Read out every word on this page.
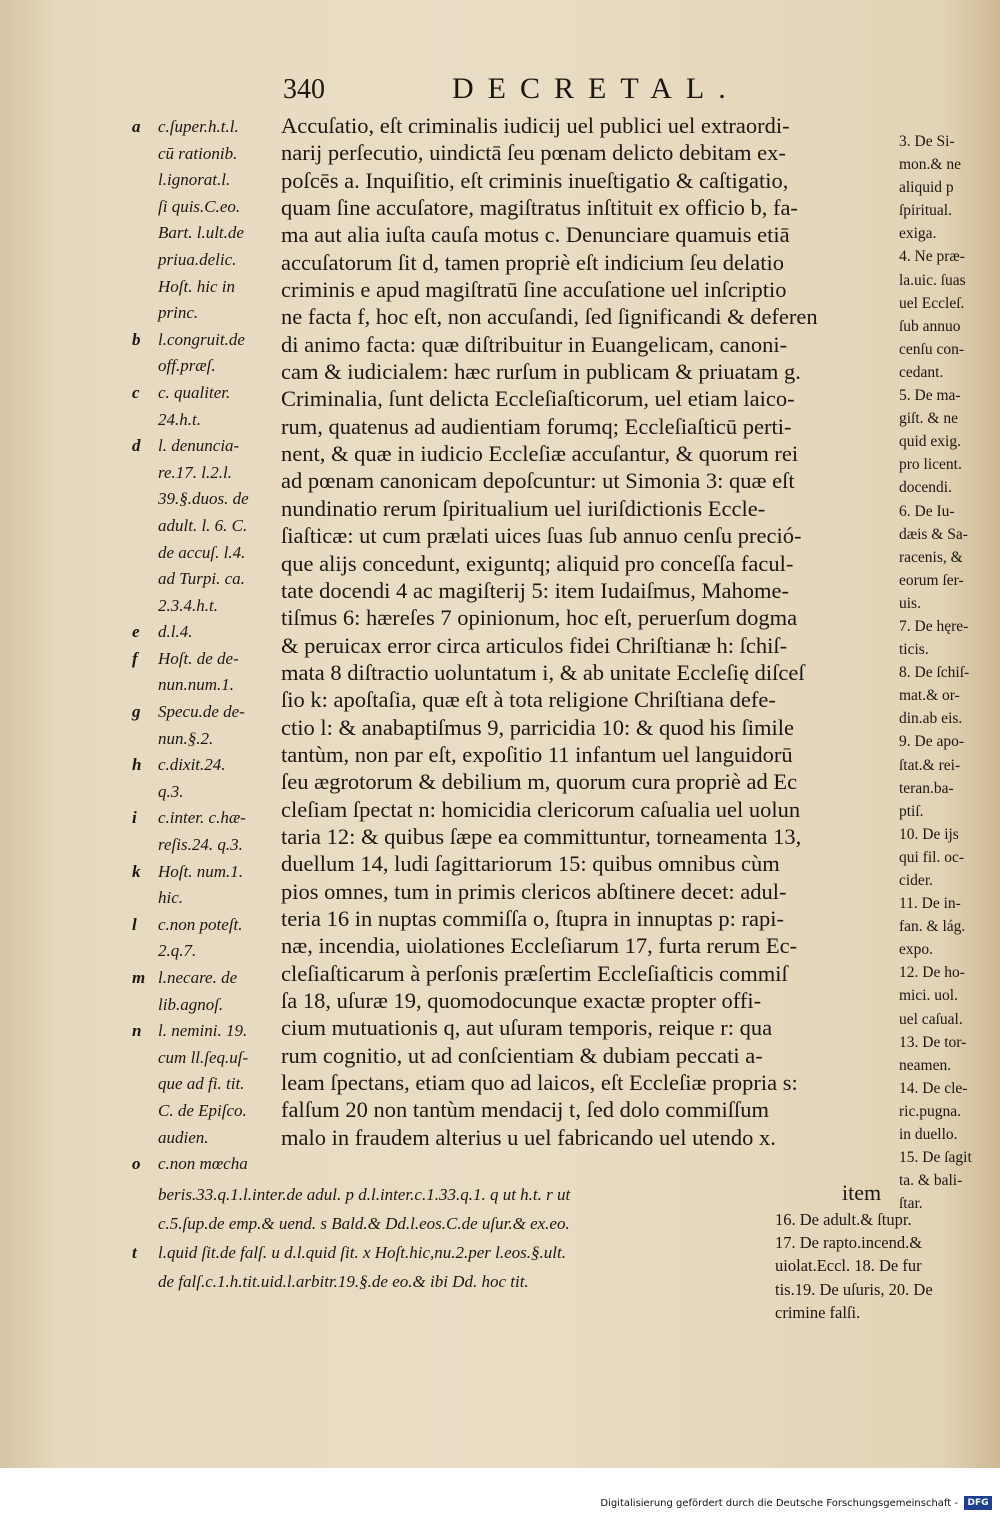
340	DECRETAL.
a c.ſuper.h.t.l.
cū rationib.
l.ignorat.l.
ſi quis.C.eo.
Bart. l.ult.de
priua.delic.
Hoſt. hic in
princ.
b l.congruit.de
off.præſ.
c c. qualiter.
24.h.t.
d l. denuncia-
re.17. l.2.l.
39.§.duos. de
adult. l. 6. C.
de accuſ. l.4.
ad Turpi. ca.
2.3.4.h.t.
e d.l.4.
f Hoſt. de de-
nun.num.1.
g Specu.de de-
nun.§.2.
h c.dixit.24.
q.3.
i c.inter. c.hæ-
reſis.24. q.3.
k Hoſt. num.1.
hic.
l c.non poteſt.
2.q.7.
m l.necare. de
lib.agnoſ.
n l. nemini. 19.
cum ll.ſeq.uſ-
que ad fi. tit.
C. de Epiſco.
audien.
o c.non mœcha
Accuſatio, eſt criminalis iudicij uel publici uel extraordi-
narij perſecutio, uindictā ſeu pœnam delicto debitam ex-
poſcēs a. Inquiſitio, eſt criminis inueſtigatio & caſtigatio,
quam ſine accuſatore, magiſtratus inſtituit ex officio b, fa-
ma aut alia iuſta cauſa motus c. Denunciare quamuis etiā
accuſatorum ſit d, tamen propriè eſt indicium ſeu delatio
criminis e apud magiſtratū ſine accuſatione uel inſcriptio
ne facta f, hoc eſt, non accuſandi, ſed ſignificandi & deferen
di animo facta: quæ diſtribuitur in Euangelicam, canoni-
cam & iudicialem: hæc rurſum in publicam & priuatam g.
Criminalia, ſunt delicta Eccleſiaſticorum, uel etiam laico-
rum, quatenus ad audientiam forumq; Eccleſiaſticū perti-
nent, & quæ in iudicio Eccleſiæ accuſantur, & quorum rei
ad pœnam canonicam depoſcuntur: ut Simonia 3: quæ eſt
nundinatio rerum ſpiritualium uel iuriſdictionis Eccle-
ſiaſticæ: ut cum prælati uices ſuas ſub annuo cenſu preció-
que alijs concedunt, exiguntq; aliquid pro conceſſa facul-
tate docendi 4 ac magiſterij 5: item Iudaiſmus, Mahome-
tiſmus 6: hæreſes 7 opinionum, hoc eſt, peruerſum dogma
& peruicax error circa articulos fidei Chriſtianæ h: ſchiſ-
mata 8 diſtractio uoluntatum i, & ab unitate Eccleſię diſceſ
ſio k: apoſtaſia, quæ eſt à tota religione Chriſtiana defe-
ctio l: & anabaptiſmus 9, parricidia 10: & quod his ſimile
tantùm, non par eſt, expoſitio 11 infantum uel languidorū
ſeu ægrotorum & debilium m, quorum cura propriè ad Ec
cleſiam ſpectat n: homicidia clericorum caſualia uel uolun
taria 12: & quibus ſæpe ea committuntur, torneamenta 13,
duellum 14, ludi ſagittariorum 15: quibus omnibus cùm
pios omnes, tum in primis clericos abſtinere decet: adul-
teria 16 in nuptas commiſſa o, ſtupra in innuptas p: rapi-
næ, incendia, uiolationes Eccleſiarum 17, furta rerum Ec-
cleſiaſticarum à perſonis præſertim Eccleſiaſticis commiſ
ſa 18, uſuræ 19, quomodocunque exactæ propter offi-
cium mutuationis q, aut uſuram temporis, reique r: qua
rum cognitio, ut ad conſcientiam & dubiam peccati a-
leam ſpectans, etiam quo ad laicos, eſt Eccleſiæ propria s:
falſum 20 non tantùm mendacij t, ſed dolo commiſſum
malo in fraudem alterius u uel fabricando uel utendo x.
3. De Si-
mon.& ne
aliquid p
ſpiritual.
exiga.
4. Ne præ-
la.uic. ſuas
uel Eccleſ.
ſub annuo
cenſu con-
cedant.
5. De ma-
giſt. & ne
quid exig.
pro licent.
docendi.
6. De Iu-
dæis & Sa-
racenis, &
eorum ſer-
uis.
7. De hęre-
ticis.
8. De ſchiſ-
mat.& or-
din.ab eis.
9. De apo-
ſtat.& rei-
teran.ba-
ptiſ.
10. De ijs
qui fil. oc-
cider.
11. De in-
fan. & lág.
expo.
12. De ho-
mici. uol.
uel caſual.
13. De tor-
neamen.
14. De cle-
ric.pugna.
in duello.
15. De ſagit
ta. & bali-
ſtar.
item
beris.33.q.1.l.inter.de adul. p d.l.inter.c.1.33.q.1. q ut h.t. r ut
c.5.ſup.de emp.& uend. s Bald.& Dd.l.eos.C.de uſur.& ex.eo.
t l.quid ſit.de falſ. u d.l.quid ſit. x Hoſt.hic,nu.2.per l.eos.§.ult.
de falſ.c.1.h.tit.uid.l.arbitr.19.§.de eo.& ibi Dd. hoc tit.
16. De adult.& ſtupr.
17. De rapto.incend.&
uiolat.Eccl. 18. De fur
tis.19. De uſuris, 20. De
crimine falſi.
Digitalisierung gefördert durch die Deutsche Forschungsgemeinschaft -	DFG
